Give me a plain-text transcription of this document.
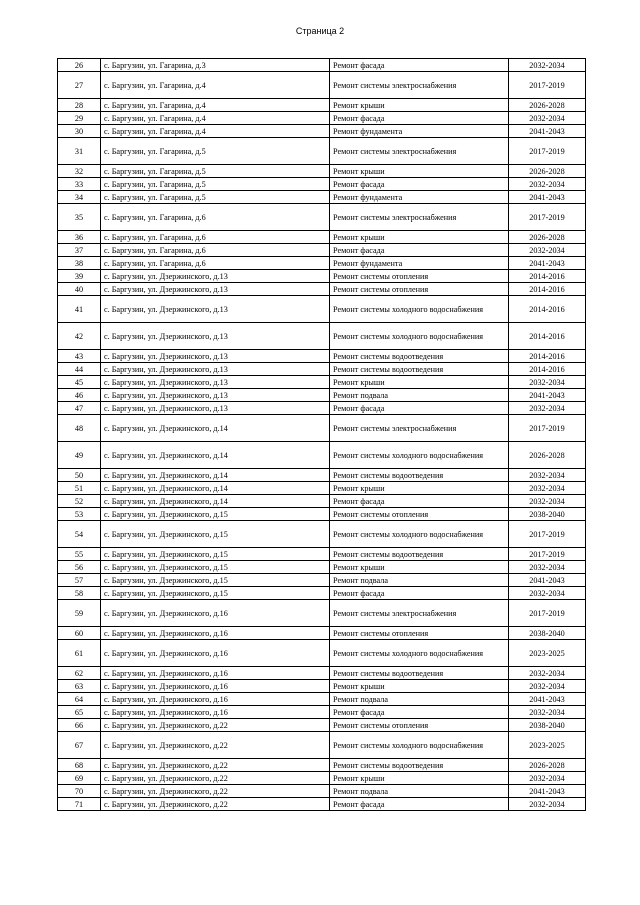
Страница 2
26	с. Баргузин, ул. Гагарина, д.3	Ремонт фасада	2032-2034
27	с. Баргузин, ул. Гагарина, д.4	Ремонт системы электроснабжения	2017-2019
28	с. Баргузин, ул. Гагарина, д.4	Ремонт крыши	2026-2028
29	с. Баргузин, ул. Гагарина, д.4	Ремонт фасада	2032-2034
30	с. Баргузин, ул. Гагарина, д.4	Ремонт фундамента	2041-2043
31	с. Баргузин, ул. Гагарина, д.5	Ремонт системы электроснабжения	2017-2019
32	с. Баргузин, ул. Гагарина, д.5	Ремонт крыши	2026-2028
33	с. Баргузин, ул. Гагарина, д.5	Ремонт фасада	2032-2034
34	с. Баргузин, ул. Гагарина, д.5	Ремонт фундамента	2041-2043
35	с. Баргузин, ул. Гагарина, д.6	Ремонт системы электроснабжения	2017-2019
36	с. Баргузин, ул. Гагарина, д.6	Ремонт крыши	2026-2028
37	с. Баргузин, ул. Гагарина, д.6	Ремонт фасада	2032-2034
38	с. Баргузин, ул. Гагарина, д.6	Ремонт фундамента	2041-2043
39	с. Баргузин, ул. Дзержинского, д.13	Ремонт системы отопления	2014-2016
40	с. Баргузин, ул. Дзержинского, д.13	Ремонт системы отопления	2014-2016
41	с. Баргузин, ул. Дзержинского, д.13	Ремонт системы холодного водоснабжения	2014-2016
42	с. Баргузин, ул. Дзержинского, д.13	Ремонт системы холодного водоснабжения	2014-2016
43	с. Баргузин, ул. Дзержинского, д.13	Ремонт системы водоотведения	2014-2016
44	с. Баргузин, ул. Дзержинского, д.13	Ремонт системы водоотведения	2014-2016
45	с. Баргузин, ул. Дзержинского, д.13	Ремонт крыши	2032-2034
46	с. Баргузин, ул. Дзержинского, д.13	Ремонт подвала	2041-2043
47	с. Баргузин, ул. Дзержинского, д.13	Ремонт фасада	2032-2034
48	с. Баргузин, ул. Дзержинского, д.14	Ремонт системы электроснабжения	2017-2019
49	с. Баргузин, ул. Дзержинского, д.14	Ремонт системы холодного водоснабжения	2026-2028
50	с. Баргузин, ул. Дзержинского, д.14	Ремонт системы водоотведения	2032-2034
51	с. Баргузин, ул. Дзержинского, д.14	Ремонт крыши	2032-2034
52	с. Баргузин, ул. Дзержинского, д.14	Ремонт фасада	2032-2034
53	с. Баргузин, ул. Дзержинского, д.15	Ремонт системы отопления	2038-2040
54	с. Баргузин, ул. Дзержинского, д.15	Ремонт системы холодного водоснабжения	2017-2019
55	с. Баргузин, ул. Дзержинского, д.15	Ремонт системы водоотведения	2017-2019
56	с. Баргузин, ул. Дзержинского, д.15	Ремонт крыши	2032-2034
57	с. Баргузин, ул. Дзержинского, д.15	Ремонт подвала	2041-2043
58	с. Баргузин, ул. Дзержинского, д.15	Ремонт фасада	2032-2034
59	с. Баргузин, ул. Дзержинского, д.16	Ремонт системы электроснабжения	2017-2019
60	с. Баргузин, ул. Дзержинского, д.16	Ремонт системы отопления	2038-2040
61	с. Баргузин, ул. Дзержинского, д.16	Ремонт системы холодного водоснабжения	2023-2025
62	с. Баргузин, ул. Дзержинского, д.16	Ремонт системы водоотведения	2032-2034
63	с. Баргузин, ул. Дзержинского, д.16	Ремонт крыши	2032-2034
64	с. Баргузин, ул. Дзержинского, д.16	Ремонт подвала	2041-2043
65	с. Баргузин, ул. Дзержинского, д.16	Ремонт фасада	2032-2034
66	с. Баргузин, ул. Дзержинского, д.22	Ремонт системы отопления	2038-2040
67	с. Баргузин, ул. Дзержинского, д.22	Ремонт системы холодного водоснабжения	2023-2025
68	с. Баргузин, ул. Дзержинского, д.22	Ремонт системы водоотведения	2026-2028
69	с. Баргузин, ул. Дзержинского, д.22	Ремонт крыши	2032-2034
70	с. Баргузин, ул. Дзержинского, д.22	Ремонт подвала	2041-2043
71	с. Баргузин, ул. Дзержинского, д.22	Ремонт фасада	2032-2034
